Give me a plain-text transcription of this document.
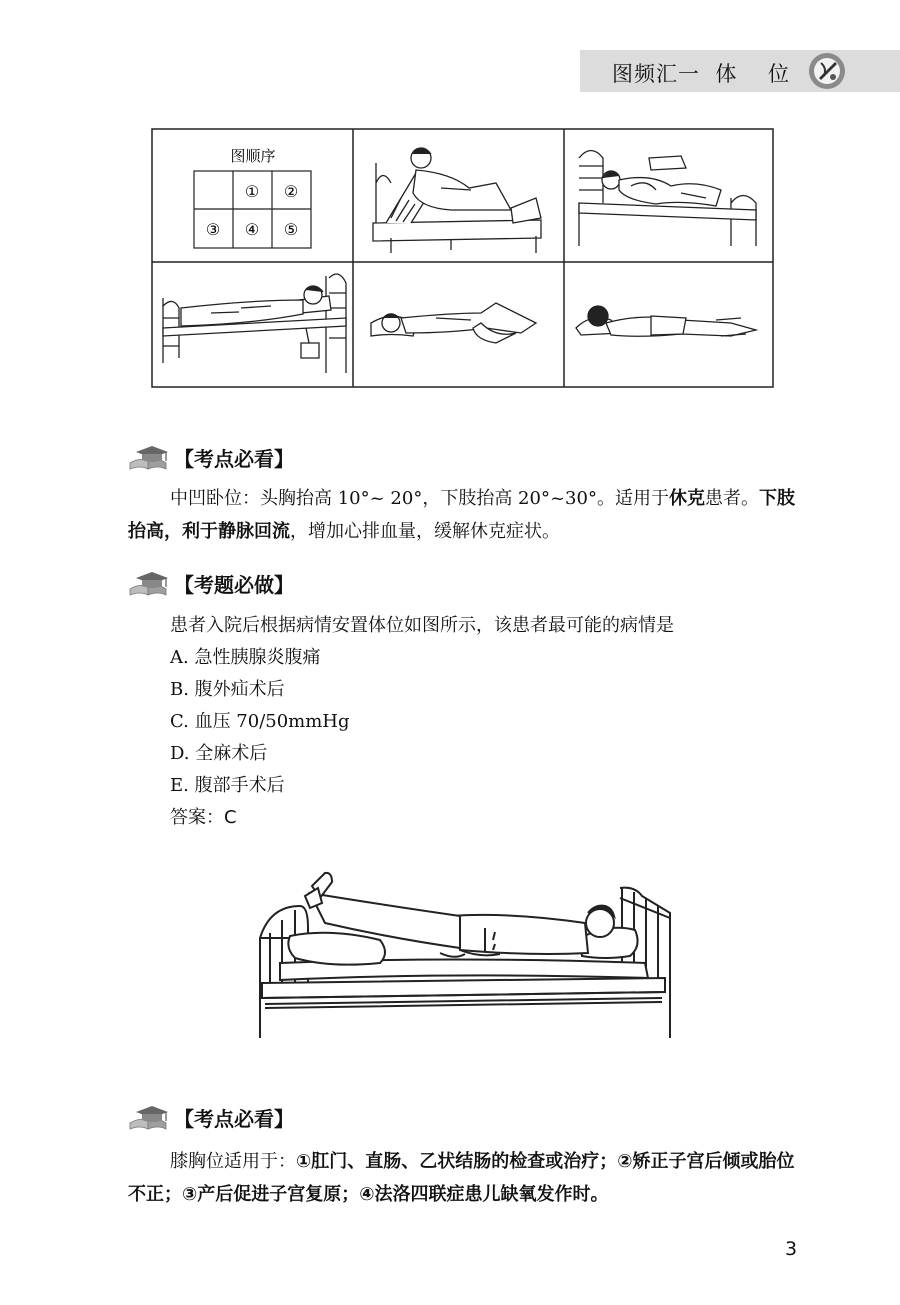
图频汇一  体    位
图顺序
① ②
③ ④ ⑤
【考点必看】
中凹卧位：头胸抬高 10°~ 20°，下肢抬高 20°~30°。适用于休克患者。下肢抬高，利于静脉回流，增加心排血量，缓解休克症状。
【考题必做】
患者入院后根据病情安置体位如图所示，该患者最可能的病情是
A. 急性胰腺炎腹痛
B. 腹外疝术后
C. 血压 70/50mmHg
D. 全麻术后
E. 腹部手术后
答案：C
【考点必看】
膝胸位适用于：①肛门、直肠、乙状结肠的检查或治疗；②矫正子宫后倾或胎位不正；③产后促进子宫复原；④法洛四联症患儿缺氧发作时。
3
